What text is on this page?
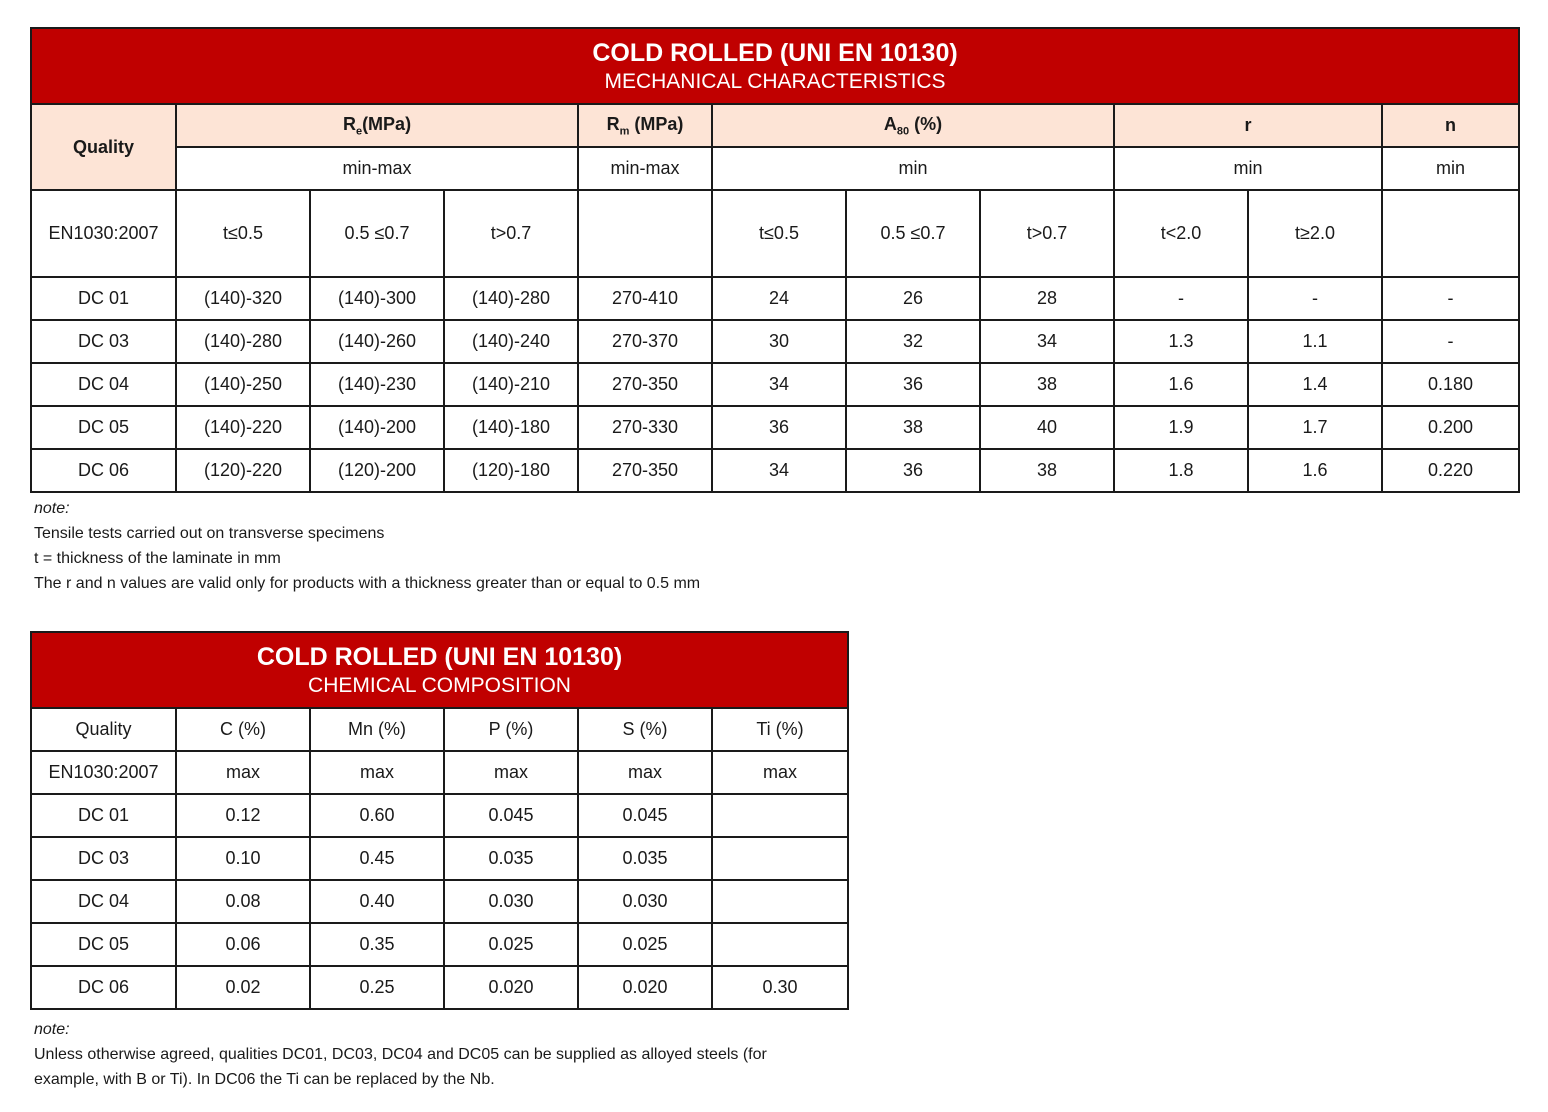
COLD ROLLED (UNI EN 10130)
MECHANICAL CHARACTERISTICS										

Quality	$R_e(MPa)$			$R_m$ (MPa)	$A_{80}$ (%)			r		n
	min-max			min-max	min			min		min
EN1030:2007	t≤0.5	0.5 ≤0.7	t>0.7		t≤0.5	0.5 ≤0.7	t>0.7	t<2.0	t≥2.0	
DC 01	(140)-320	(140)-300	(140)-280	270-410	24	26	28	-	-	-
DC 03	(140)-280	(140)-260	(140)-240	270-370	30	32	34	1.3	1.1	-
DC 04	(140)-250	(140)-230	(140)-210	270-350	34	36	38	1.6	1.4	0.180
DC 05	(140)-220	(140)-200	(140)-180	270-330	36	38	40	1.9	1.7	0.200
DC 06	(120)-220	(120)-200	(120)-180	270-350	34	36	38	1.8	1.6	0.220
note:
Tensile tests carried out on transverse specimens
t = thickness of the laminate in mm
The r and n values are valid only for products with a thickness greater than or equal to 0.5 mm
COLD ROLLED (UNI EN 10130)
CHEMICAL COMPOSITION					

Quality	C (%)	Mn (%)	P (%)	S (%)	Ti (%)
EN1030:2007	max	max	max	max	max
DC 01	0.12	0.60	0.045	0.045	
DC 03	0.10	0.45	0.035	0.035	
DC 04	0.08	0.40	0.030	0.030	
DC 05	0.06	0.35	0.025	0.025	
DC 06	0.02	0.25	0.020	0.020	0.30
note:
Unless otherwise agreed, qualities DC01, DC03, DC04 and DC05 can be supplied as alloyed steels (for
example, with B or Ti). In DC06 the Ti can be replaced by the Nb.
